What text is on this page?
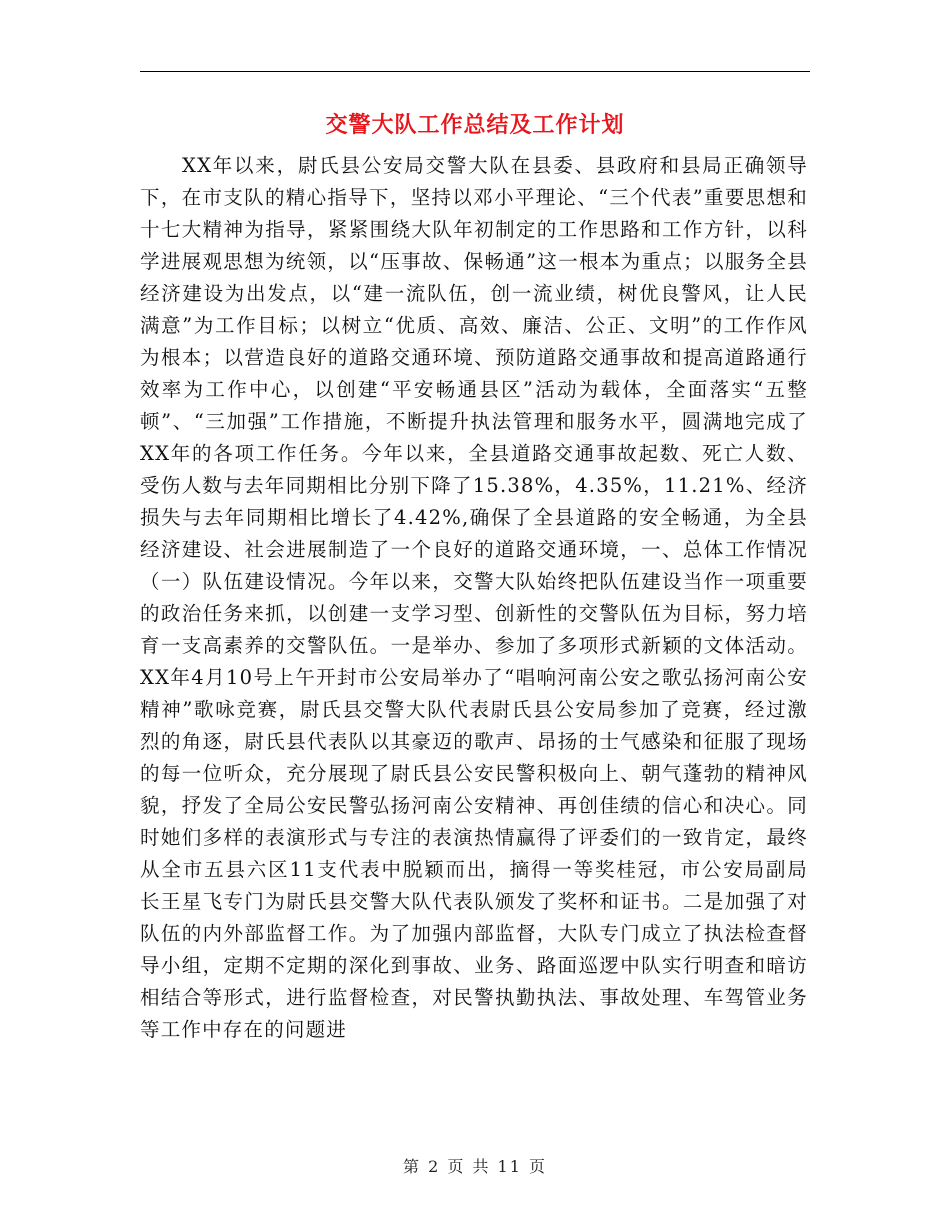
交警大队工作总结及工作计划

XX年以来，尉氏县公安局交警大队在县委、县政府和县局正确领导下，在市支队的精心指导下，坚持以邓小平理论、“三个代表”重要思想和十七大精神为指导，紧紧围绕大队年初制定的工作思路和工作方针，以科学进展观思想为统领，以“压事故、保畅通”这一根本为重点；以服务全县经济建设为出发点，以“建一流队伍，创一流业绩，树优良警风，让人民满意”为工作目标；以树立“优质、高效、廉洁、公正、文明”的工作作风为根本；以营造良好的道路交通环境、预防道路交通事故和提高道路通行效率为工作中心，以创建“平安畅通县区”活动为载体，全面落实“五整顿”、“三加强”工作措施，不断提升执法管理和服务水平，圆满地完成了XX年的各项工作任务。今年以来，全县道路交通事故起数、死亡人数、受伤人数与去年同期相比分别下降了15.38%，4.35%，11.21%、经济损失与去年同期相比增长了4.42%,确保了全县道路的安全畅通，为全县经济建设、社会进展制造了一个良好的道路交通环境，一、总体工作情况 （一）队伍建设情况。今年以来，交警大队始终把队伍建设当作一项重要的政治任务来抓，以创建一支学习型、创新性的交警队伍为目标，努力培育一支高素养的交警队伍。一是举办、参加了多项形式新颖的文体活动。XX年4月10号上午开封市公安局举办了“唱响河南公安之歌弘扬河南公安精神”歌咏竞赛，尉氏县交警大队代表尉氏县公安局参加了竞赛，经过激烈的角逐，尉氏县代表队以其豪迈的歌声、昂扬的士气感染和征服了现场的每一位听众，充分展现了尉氏县公安民警积极向上、朝气蓬勃的精神风貌，抒发了全局公安民警弘扬河南公安精神、再创佳绩的信心和决心。同时她们多样的表演形式与专注的表演热情赢得了评委们的一致肯定，最终从全市五县六区11支代表中脱颖而出，摘得一等奖桂冠，市公安局副局长王星飞专门为尉氏县交警大队代表队颁发了奖杯和证书。二是加强了对队伍的内外部监督工作。为了加强内部监督，大队专门成立了执法检查督导小组，定期不定期的深化到事故、业务、路面巡逻中队实行明查和暗访相结合等形式，进行监督检查，对民警执勤执法、事故处理、车驾管业务等工作中存在的问题进

第 2 页 共 11 页
